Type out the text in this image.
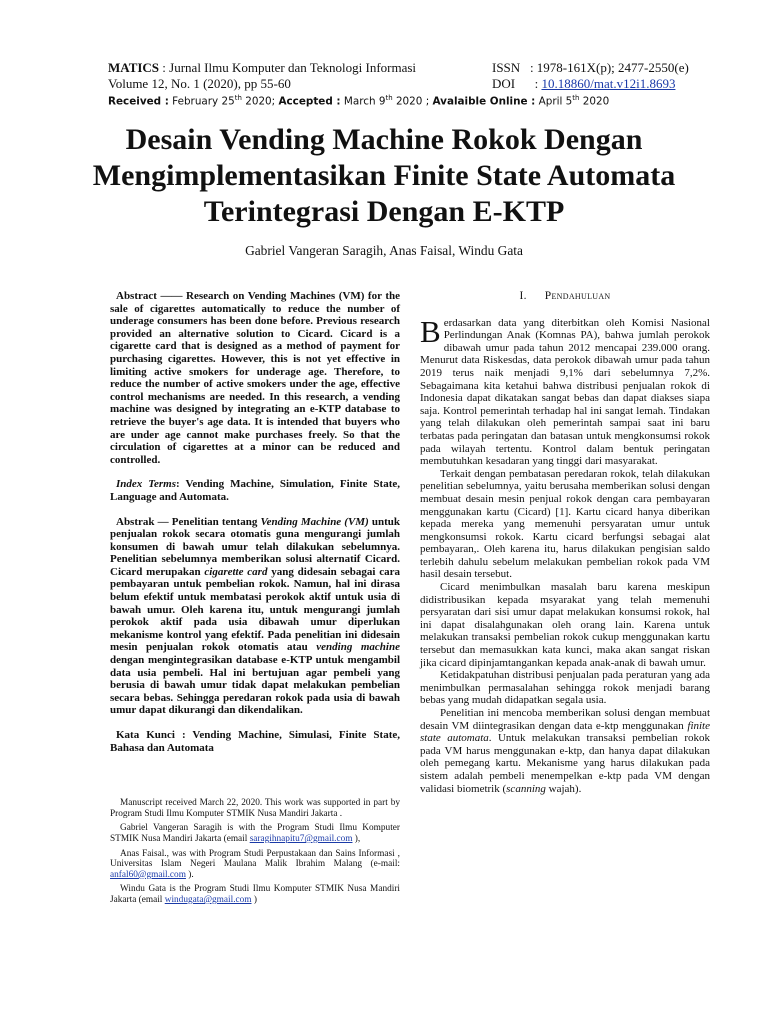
MATICS : Jurnal Ilmu Komputer dan Teknologi Informasi	ISSN : 1978-161X(p); 2477-2550(e)
Volume 12, No. 1 (2020), pp 55-60	DOI : 10.18860/mat.v12i1.8693
Received : February 25th 2020; Accepted : March 9th 2020 ; Avalaible Online : April 5th 2020
Desain Vending Machine Rokok Dengan Mengimplementasikan Finite State Automata Terintegrasi Dengan E-KTP
Gabriel Vangeran Saragih, Anas Faisal, Windu Gata

Abstract —— Research on Vending Machines (VM) for the sale of cigarettes automatically to reduce the number of underage consumers has been done before. Previous research provided an alternative solution to Cicard. Cicard is a cigarette card that is designed as a method of payment for purchasing cigarettes. However, this is not yet effective in limiting active smokers for underage age. Therefore, to reduce the number of active smokers under the age, effective control mechanisms are needed. In this research, a vending machine was designed by integrating an e-KTP database to retrieve the buyer's age data. It is intended that buyers who are under age cannot make purchases freely. So that the circulation of cigarettes at a minor can be reduced and controlled.

Index Terms: Vending Machine, Simulation, Finite State, Language and Automata.

Abstrak — Penelitian tentang Vending Machine (VM) untuk penjualan rokok secara otomatis guna mengurangi jumlah konsumen di bawah umur telah dilakukan sebelumnya. Penelitian sebelumnya memberikan solusi alternatif Cicard. Cicard merupakan cigarette card yang didesain sebagai cara pembayaran untuk pembelian rokok. Namun, hal ini dirasa belum efektif untuk membatasi perokok aktif untuk usia di bawah umur. Oleh karena itu, untuk mengurangi jumlah perokok aktif pada usia dibawah umur diperlukan mekanisme kontrol yang efektif. Pada penelitian ini didesain mesin penjualan rokok otomatis atau vending machine dengan mengintegrasikan database e-KTP untuk mengambil data usia pembeli. Hal ini bertujuan agar pembeli yang berusia di bawah umur tidak dapat melakukan pembelian secara bebas. Sehingga peredaran rokok pada usia di bawah umur dapat dikurangi dan dikendalikan.

Kata Kunci : Vending Machine, Simulasi, Finite State, Bahasa dan Automata

Manuscript received March 22, 2020. This work was supported in part by Program Studi Ilmu Komputer STMIK Nusa Mandiri Jakarta .

Gabriel Vangeran Saragih is with the Program Studi Ilmu Komputer STMIK Nusa Mandiri Jakarta (email saragihnapitu7@gmail.com ),

Anas Faisal., was with Program Studi Perpustakaan dan Sains Informasi , Universitas Islam Negeri Maulana Malik Ibrahim Malang (e-mail: anfal60@gmail.com ).

Windu Gata is the Program Studi Ilmu Komputer STMIK Nusa Mandiri Jakarta (email windugata@gmail.com )

I. Pendahuluan

Berdasarkan data yang diterbitkan oleh Komisi Nasional Perlindungan Anak (Komnas PA), bahwa jumlah perokok dibawah umur pada tahun 2012 mencapai 239.000 orang. Menurut data Riskesdas, data perokok dibawah umur pada tahun 2019 terus naik menjadi 9,1% dari sebelumnya 7,2%. Sebagaimana kita ketahui bahwa distribusi penjualan rokok di Indonesia dapat dikatakan sangat bebas dan dapat diakses siapa saja. Kontrol pemerintah terhadap hal ini sangat lemah. Tindakan yang telah dilakukan oleh pemerintah sampai saat ini baru terbatas pada peringatan dan batasan untuk mengkonsumsi rokok pada wilayah tertentu. Kontrol dalam bentuk peringatan membutuhkan kesadaran yang tinggi dari masyarakat.

Terkait dengan pembatasan peredaran rokok, telah dilakukan penelitian sebelumnya, yaitu berusaha memberikan solusi dengan membuat desain mesin penjual rokok dengan cara pembayaran menggunakan kartu (Cicard) [1]. Kartu cicard hanya diberikan kepada mereka yang memenuhi persyaratan umur untuk mengkonsumsi rokok. Kartu cicard berfungsi sebagai alat pembayaran,. Oleh karena itu, harus dilakukan pengisian saldo terlebih dahulu sebelum melakukan pembelian rokok pada VM hasil desain tersebut.

Cicard menimbulkan masalah baru karena meskipun didistribusikan kepada msyarakat yang telah memenuhi persyaratan dari sisi umur dapat melakukan konsumsi rokok, hal ini dapat disalahgunakan oleh orang lain. Karena untuk melakukan transaksi pembelian rokok cukup menggunakan kartu tersebut dan memasukkan kata kunci, maka akan sangat riskan jika cicard dipinjamtangankan kepada anak-anak di bawah umur.

Ketidakpatuhan distribusi penjualan pada peraturan yang ada menimbulkan permasalahan sehingga rokok menjadi barang bebas yang mudah didapatkan segala usia.

Penelitian ini mencoba memberikan solusi dengan membuat desain VM diintegrasikan dengan data e-ktp menggunakan finite state automata. Untuk melakukan transaksi pembelian rokok pada VM harus menggunakan e-ktp, dan hanya dapat dilakukan oleh pemegang kartu. Mekanisme yang harus dilakukan pada sistem adalah pembeli menempelkan e-ktp pada VM dengan validasi biometrik (scanning wajah).
